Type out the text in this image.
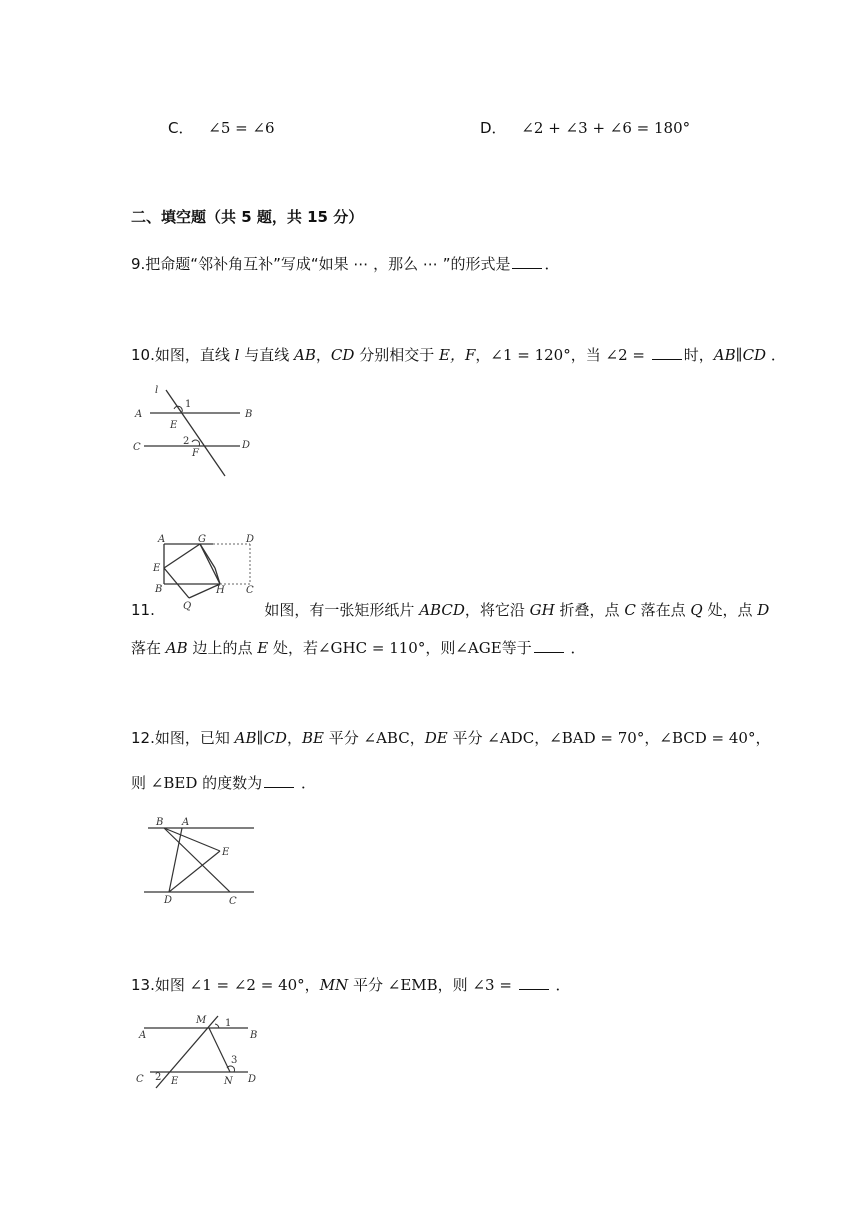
C． ∠5 = ∠6	D． ∠2 + ∠3 + ∠6 = 180°
二、填空题（共 5 题，共 15 分）
9.把命题“邻补角互补”写成“如果 ⋯ ，那么 ⋯ ”的形式是 ．
10.如图，直线 l 与直线 AB，CD 分别相交于 E，F，∠1 = 120°，当 ∠2 =	时，AB∥CD ．
l
A	B
C	D
E
F
1
2
A	G	D
E
B
Q
H C
11.	如图，有一张矩形纸片 ABCD，将它沿 GH 折叠，点 C 落在点 Q 处，点 D
落在 AB 边上的点 E 处，若∠GHC = 110°，则∠AGE等于	．
12.如图，已知 AB∥CD，BE 平分 ∠ABC，DE 平分 ∠ADC，∠BAD = 70°，∠BCD = 40°，
则 ∠BED 的度数为	．
B A
E
D	C
13.如图 ∠1 = ∠2 = 40°，MN 平分 ∠EMB，则 ∠3 =	．
M 1
A	B
3
C 2 E	N D
